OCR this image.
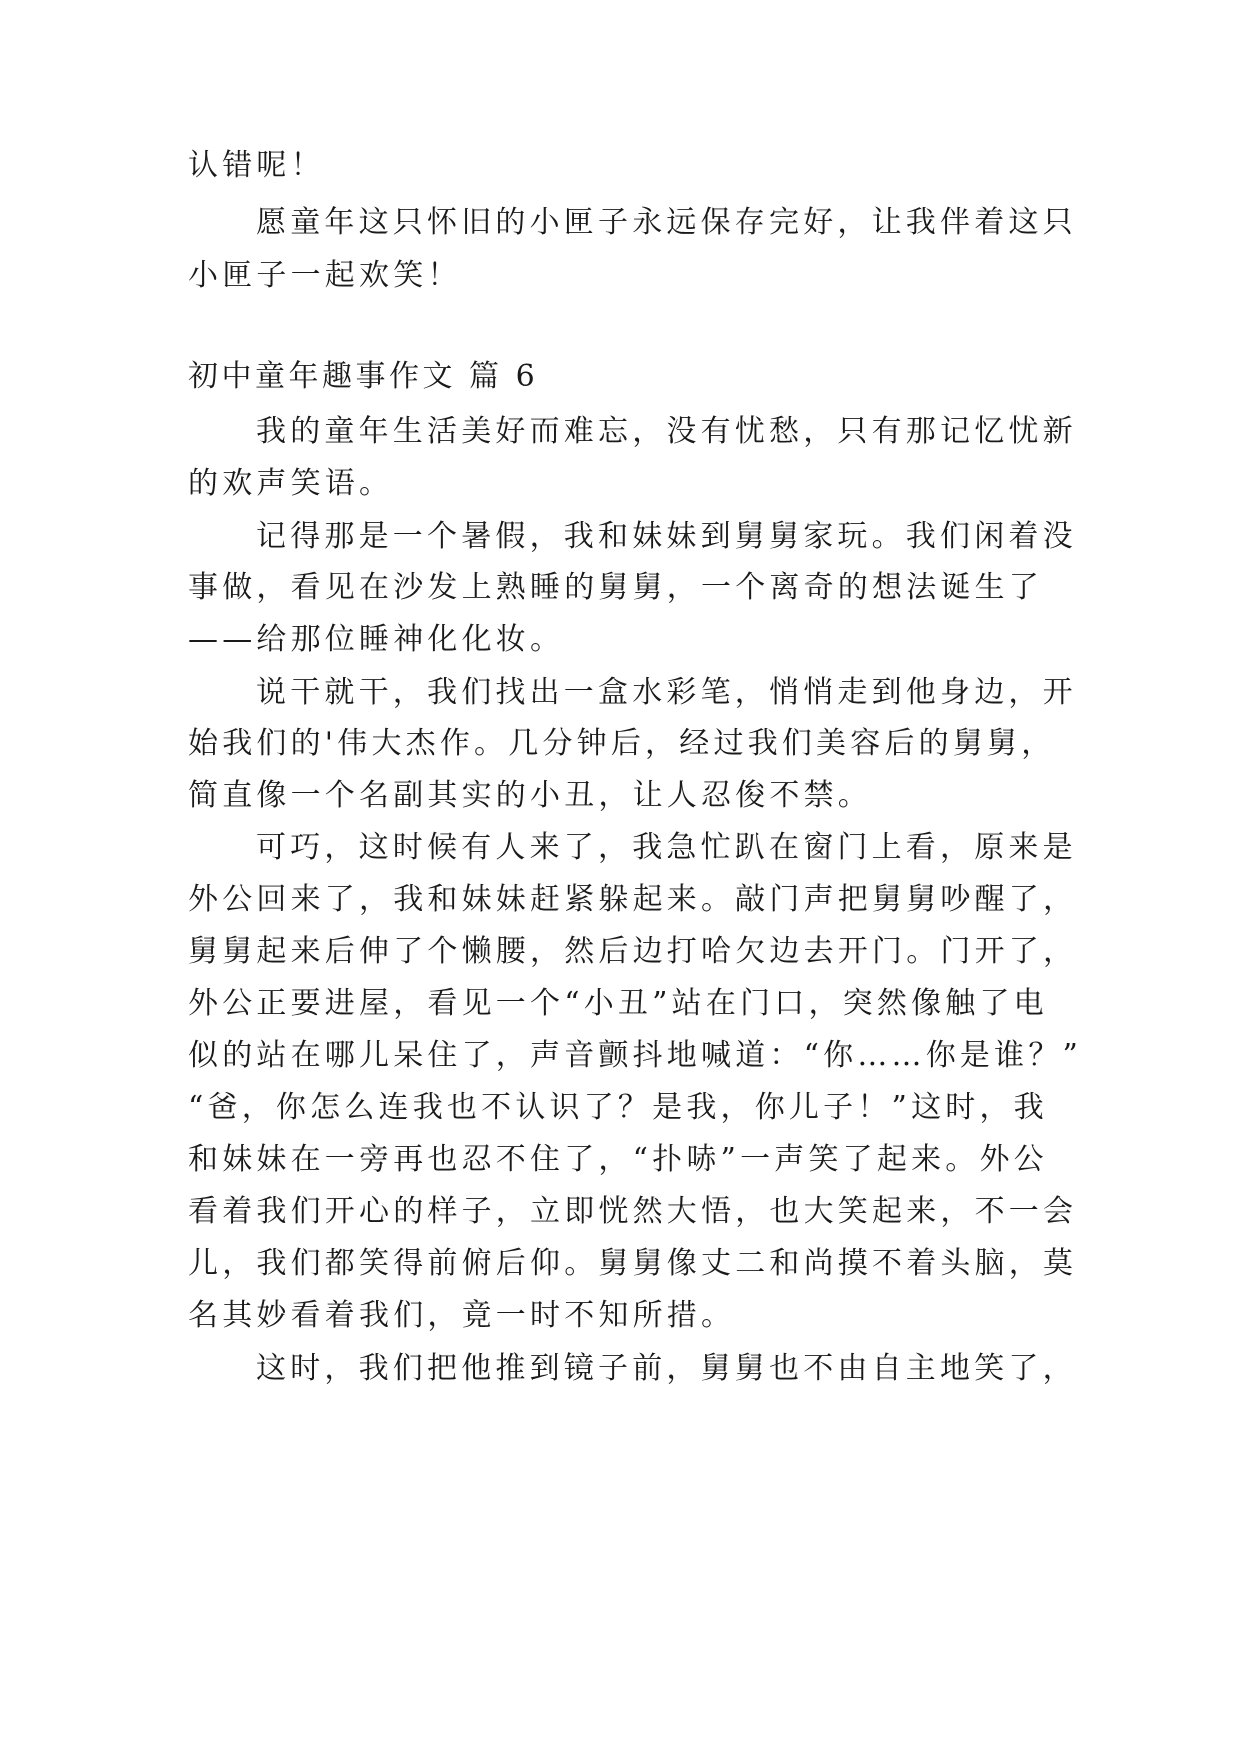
认错呢！
愿童年这只怀旧的小匣子永远保存完好，让我伴着这只
小匣子一起欢笑！
初中童年趣事作文 篇 6
我的童年生活美好而难忘，没有忧愁，只有那记忆忧新
的欢声笑语。
记得那是一个暑假，我和妹妹到舅舅家玩。我们闲着没
事做，看见在沙发上熟睡的舅舅，一个离奇的想法诞生了
——给那位睡神化化妆。
说干就干，我们找出一盒水彩笔，悄悄走到他身边，开
始我们的'伟大杰作。几分钟后，经过我们美容后的舅舅，
简直像一个名副其实的小丑，让人忍俊不禁。
可巧，这时候有人来了，我急忙趴在窗门上看，原来是
外公回来了，我和妹妹赶紧躲起来。敲门声把舅舅吵醒了，
舅舅起来后伸了个懒腰，然后边打哈欠边去开门。门开了，
外公正要进屋，看见一个“小丑”站在门口，突然像触了电
似的站在哪儿呆住了，声音颤抖地喊道：“你……你是谁？”
“爸，你怎么连我也不认识了？是我，你儿子！”这时，我
和妹妹在一旁再也忍不住了，“扑哧”一声笑了起来。外公
看着我们开心的样子，立即恍然大悟，也大笑起来，不一会
儿，我们都笑得前俯后仰。舅舅像丈二和尚摸不着头脑，莫
名其妙看着我们，竟一时不知所措。
这时，我们把他推到镜子前，舅舅也不由自主地笑了，
